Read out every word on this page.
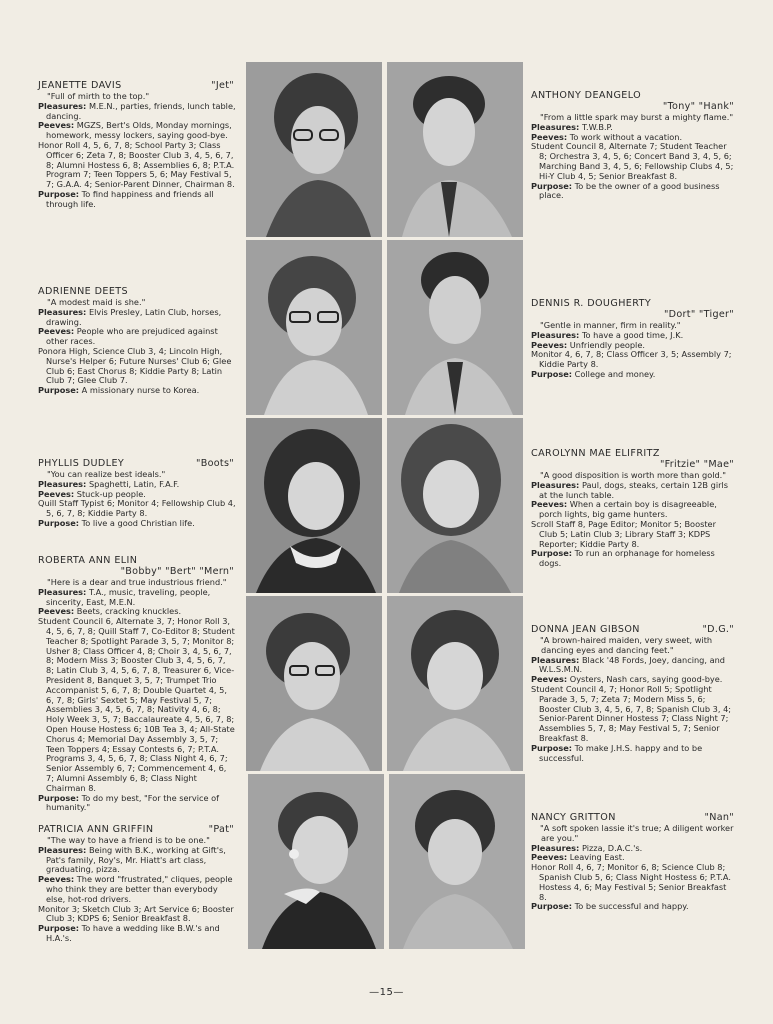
JEANETTE DAVIS	"Jet"
"Full of mirth to the top."
Pleasures: M.E.N., parties, friends, lunch table, dancing.
Peeves: MGZS, Bert's Olds, Monday mornings, homework, messy lockers, saying good-bye.
Honor Roll 4, 5, 6, 7, 8; School Party 3; Class Officer 6; Zeta 7, 8; Booster Club 3, 4, 5, 6, 7, 8; Alumni Hostess 6, 8; Assemblies 6, 8; P.T.A. Program 7; Teen Toppers 5, 6; May Festival 5, 7; G.A.A. 4; Senior-Parent Dinner, Chairman 8.
Purpose: To find happiness and friends all through life.
ADRIENNE DEETS
"A modest maid is she."
Pleasures: Elvis Presley, Latin Club, horses, drawing.
Peeves: People who are prejudiced against other races.
Ponora High, Science Club 3, 4; Lincoln High, Nurse's Helper 6; Future Nurses' Club 6; Glee Club 6; East Chorus 8; Kiddie Party 8; Latin Club 7; Glee Club 7.
Purpose: A missionary nurse to Korea.
PHYLLIS DUDLEY	"Boots"
"You can realize best ideals."
Pleasures: Spaghetti, Latin, F.A.F.
Peeves: Stuck-up people.
Quill Staff Typist 6; Monitor 4; Fellowship Club 4, 5, 6, 7, 8; Kiddie Party 8.
Purpose: To live a good Christian life.
ROBERTA ANN ELIN
"Bobby" "Bert" "Mern"
"Here is a dear and true industrious friend."
Pleasures: T.A., music, traveling, people, sincerity, East, M.E.N.
Peeves: Beets, cracking knuckles.
Student Council 6, Alternate 3, 7; Honor Roll 3, 4, 5, 6, 7, 8; Quill Staff 7, Co-Editor 8; Student Teacher 8; Spotlight Parade 3, 5, 7; Monitor 8; Usher 8; Class Officer 4, 8; Choir 3, 4, 5, 6, 7, 8; Modern Miss 3; Booster Club 3, 4, 5, 6, 7, 8; Latin Club 3, 4, 5, 6, 7, 8, Treasurer 6, Vice-President 8, Banquet 3, 5, 7; Trumpet Trio Accompanist 5, 6, 7, 8; Double Quartet 4, 5, 6, 7, 8; Girls' Sextet 5; May Festival 5, 7; Assemblies 3, 4, 5, 6, 7, 8; Nativity 4, 6, 8; Holy Week 3, 5, 7; Baccalaureate 4, 5, 6, 7, 8; Open House Hostess 6; 10B Tea 3, 4; All-State Chorus 4; Memorial Day Assembly 3, 5, 7; Teen Toppers 4; Essay Contests 6, 7; P.T.A. Programs 3, 4, 5, 6, 7, 8; Class Night 4, 6, 7; Senior Assembly 6, 7; Commencement 4, 6, 7; Alumni Assembly 6, 8; Class Night Chairman 8.
Purpose: To do my best, "For the service of humanity."
PATRICIA ANN GRIFFIN	"Pat"
"The way to have a friend is to be one."
Pleasures: Being with B.K., working at Gift's, Pat's family, Roy's, Mr. Hiatt's art class, graduating, pizza.
Peeves: The word "frustrated," cliques, people who think they are better than everybody else, hot-rod drivers.
Monitor 3; Sketch Club 3; Art Service 6; Booster Club 3; KDPS 6; Senior Breakfast 8.
Purpose: To have a wedding like B.W.'s and H.A.'s.
ANTHONY DEANGELO
"Tony" "Hank"
"From a little spark may burst a mighty flame."
Pleasures: T.W.B.P.
Peeves: To work without a vacation.
Student Council 8, Alternate 7; Student Teacher 8; Orchestra 3, 4, 5, 6; Concert Band 3, 4, 5, 6; Marching Band 3, 4, 5, 6; Fellowship Clubs 4, 5; Hi-Y Club 4, 5; Senior Breakfast 8.
Purpose: To be the owner of a good business place.
DENNIS R. DOUGHERTY
"Dort" "Tiger"
"Gentle in manner, firm in reality."
Pleasures: To have a good time, J.K.
Peeves: Unfriendly people.
Monitor 4, 6, 7, 8; Class Officer 3, 5; Assembly 7; Kiddie Party 8.
Purpose: College and money.
CAROLYNN MAE ELIFRITZ
"Fritzie" "Mae"
"A good disposition is worth more than gold."
Pleasures: Paul, dogs, steaks, certain 12B girls at the lunch table.
Peeves: When a certain boy is disagreeable, porch lights, big game hunters.
Scroll Staff 8, Page Editor; Monitor 5; Booster Club 5; Latin Club 3; Library Staff 3; KDPS Reporter; Kiddie Party 8.
Purpose: To run an orphanage for homeless dogs.
DONNA JEAN GIBSON	"D.G."
"A brown-haired maiden, very sweet, with dancing eyes and dancing feet."
Pleasures: Black '48 Fords, Joey, dancing, and W.L.S.M.N.
Peeves: Oysters, Nash cars, saying good-bye.
Student Council 4, 7; Honor Roll 5; Spotlight Parade 3, 5, 7; Zeta 7; Modern Miss 5, 6; Booster Club 3, 4, 5, 6, 7, 8; Spanish Club 3, 4; Senior-Parent Dinner Hostess 7; Class Night 7; Assemblies 5, 7, 8; May Festival 5, 7; Senior Breakfast 8.
Purpose: To make J.H.S. happy and to be successful.
NANCY GRITTON	"Nan"
"A soft spoken lassie it's true; A diligent worker are you."
Pleasures: Pizza, D.A.C.'s.
Peeves: Leaving East.
Honor Roll 4, 6, 7; Monitor 6, 8; Science Club 8; Spanish Club 5, 6; Class Night Hostess 6; P.T.A. Hostess 4, 6; May Festival 5; Senior Breakfast 8.
Purpose: To be successful and happy.
—15—
